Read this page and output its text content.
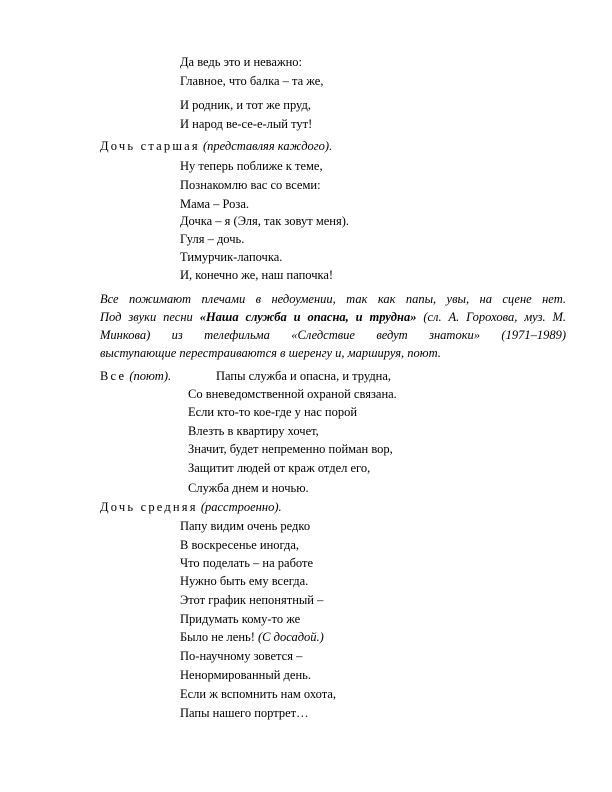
Да ведь это и неважно:
Главное, что балка – та же,
И родник, и тот же пруд,
И народ ве-се-е-лый тут!
Дочь старшая (представляя каждого).
Ну теперь поближе к теме,
Познакомлю вас со всеми:
Мама – Роза.
Дочка – я (Эля, так зовут меня).
Гуля – дочь.
Тимурчик-лапочка.
И, конечно же, наш папочка!
Все пожимают плечами в недоумении, так как папы, увы, на сцене нет.
Под звуки песни «Наша служба и опасна, и трудна» (сл. А. Горохова, муз. М.
Минкова) из телефильма «Следствие ведут знатоки» (1971–1989)
выступающие перестраиваются в шеренгу и, маршируя, поют.
Все (поют).	Папы служба и опасна, и трудна,
Со вневедомственной охраной связана.
Если кто-то кое-где у нас порой
Влезть в квартиру хочет,
Значит, будет непременно пойман вор,
Защитит людей от краж отдел его,
Служба днем и ночью.
Дочь средняя (расстроенно).
Папу видим очень редко
В воскресенье иногда,
Что поделать – на работе
Нужно быть ему всегда.
Этот график непонятный –
Придумать кому-то же
Было не лень! (С досадой.)
По-научному зовется –
Ненормированный день.
Если ж вспомнить нам охота,
Папы нашего портрет…
